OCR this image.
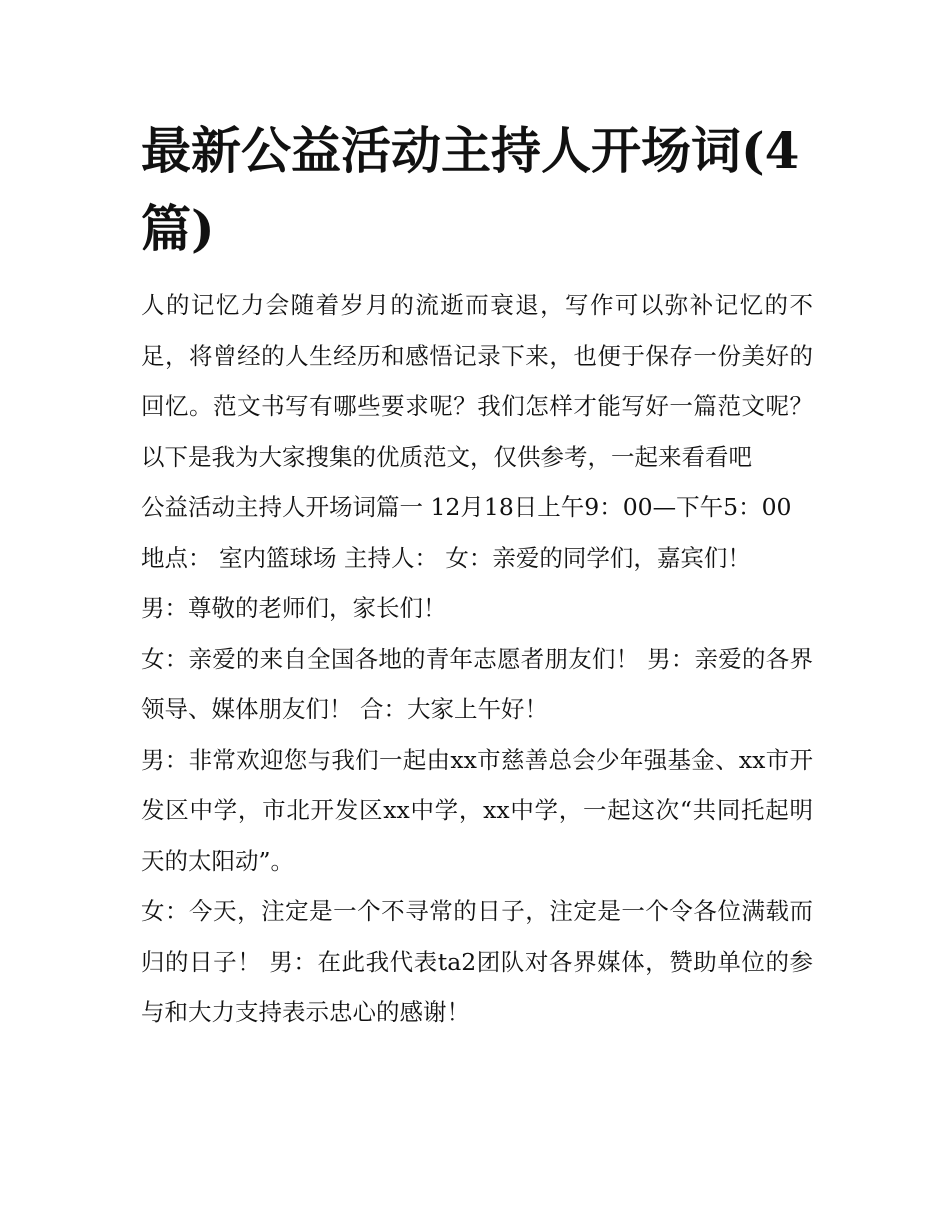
最新公益活动主持人开场词(4篇)

人的记忆力会随着岁月的流逝而衰退，写作可以弥补记忆的不足，将曾经的人生经历和感悟记录下来，也便于保存一份美好的回忆。范文书写有哪些要求呢？我们怎样才能写好一篇范文呢？以下是我为大家搜集的优质范文，仅供参考，一起来看看吧

公益活动主持人开场词篇一 12月18日上午9：00—下午5：00

地点： 室内篮球场 主持人： 女：亲爱的同学们，嘉宾们！

男：尊敬的老师们，家长们！

女：亲爱的来自全国各地的青年志愿者朋友们！ 男：亲爱的各界领导、媒体朋友们！ 合：大家上午好！

男：非常欢迎您与我们一起由xx市慈善总会少年强基金、xx市开发区中学，市北开发区xx中学，xx中学，一起这次“共同托起明天的太阳动”。

女：今天，注定是一个不寻常的日子，注定是一个令各位满载而归的日子！ 男：在此我代表ta2团队对各界媒体，赞助单位的参与和大力支持表示忠心的感谢！
